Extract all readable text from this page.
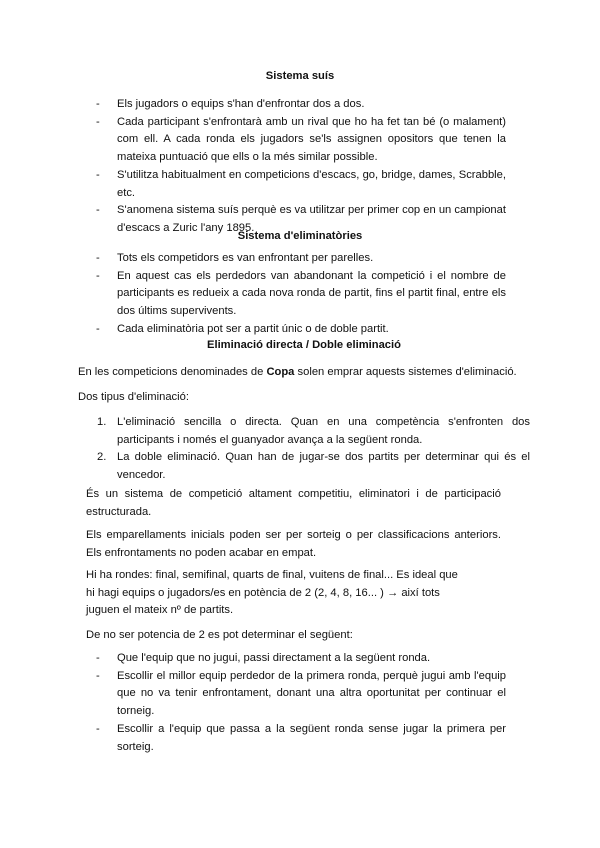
Sistema suís
- Els jugadors o equips s'han d'enfrontar dos a dos.
- Cada participant s'enfrontarà amb un rival que ho ha fet tan bé (o malament) com ell. A cada ronda els jugadors se'ls assignen opositors que tenen la mateixa puntuació que ells o la més similar possible.
- S'utilitza habitualment en competicions d'escacs, go, bridge, dames, Scrabble, etc.
- S'anomena sistema suís perquè es va utilitzar per primer cop en un campionat d'escacs a Zuric l'any 1895.
Sistema d'eliminatòries
- Tots els competidors es van enfrontant per parelles.
- En aquest cas els perdedors van abandonant la competició i el nombre de participants es redueix a cada nova ronda de partit, fins el partit final, entre els dos últims supervivents.
- Cada eliminatòria pot ser a partit únic o de doble partit.
Eliminació directa / Doble eliminació
En les competicions denominades de Copa solen emprar aquests sistemes d'eliminació.
Dos tipus d'eliminació:
1. L'eliminació sencilla o directa. Quan en una competència s'enfronten dos participants i només el guanyador avança a la següent ronda.
2. La doble eliminació. Quan han de jugar-se dos partits per determinar qui és el vencedor.
És un sistema de competició altament competitiu, eliminatori i de participació estructurada.
Els emparellaments inicials poden ser per sorteig o per classificacions anteriors. Els enfrontaments no poden acabar en empat.
Hi ha rondes: final, semifinal, quarts de final, vuitens de final... Es ideal que hi hagi equips o jugadors/es en potència de 2 (2, 4, 8, 16... ) → així tots juguen el mateix nº de partits.
De no ser potencia de 2 es pot determinar el següent:
- Que l'equip que no jugui, passi directament a la següent ronda.
- Escollir el millor equip perdedor de la primera ronda, perquè jugui amb l'equip que no va tenir enfrontament, donant una altra oportunitat per continuar el torneig.
- Escollir a l'equip que passa a la següent ronda sense jugar la primera per sorteig.
